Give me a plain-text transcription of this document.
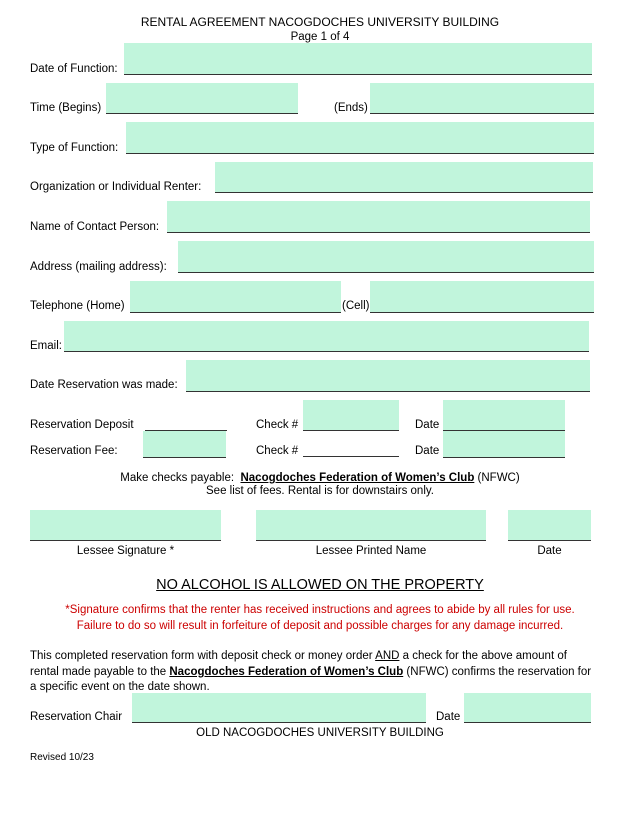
RENTAL AGREEMENT NACOGDOCHES UNIVERSITY BUILDING
Page 1 of 4
Date of Function:
Time (Begins)	(Ends)
Type of Function:
Organization or Individual Renter:
Name of Contact Person:
Address (mailing address):
Telephone (Home)	(Cell)
Email:
Date Reservation was made:
Reservation Deposit	Check #	Date
Reservation Fee:	Check #	Date
Make checks payable: Nacogdoches Federation of Women’s Club (NFWC)
See list of fees. Rental is for downstairs only.
Lessee Signature *	Lessee Printed Name	Date
NO ALCOHOL IS ALLOWED ON THE PROPERTY
*Signature confirms that the renter has received instructions and agrees to abide by all rules for use.
Failure to do so will result in forfeiture of deposit and possible charges for any damage incurred.
This completed reservation form with deposit check or money order AND a check for the above amount of
rental made payable to the Nacogdoches Federation of Women’s Club (NFWC) confirms the reservation for
a specific event on the date shown.
Reservation Chair	Date
OLD NACOGDOCHES UNIVERSITY BUILDING
Revised 10/23
